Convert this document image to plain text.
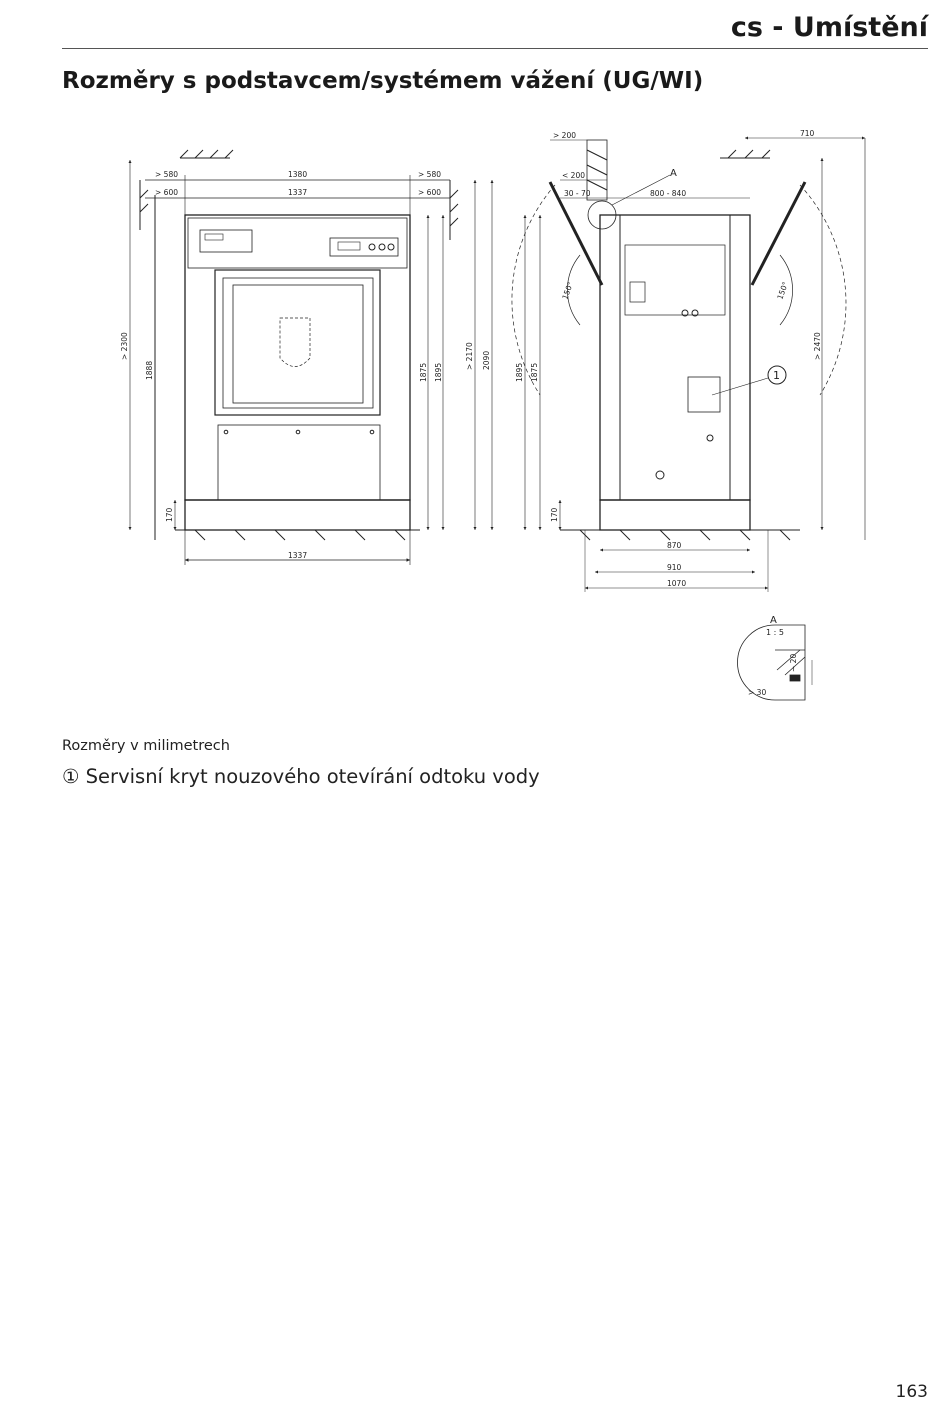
cs - Umístění
Rozměry s podstavcem/systémem vážení (UG/WI)
> 580	1380	> 580
> 600	1337	> 600
1337
> 2300
1888
170
1875 1895
> 200	710
< 200
30 - 70	800 - 840
A
1
150°	150°
> 2170 2090
1895 1875
170
> 2470
870
910
1070
A
1 : 5
~ 20
> 30
Rozměry v milimetrech
① Servisní kryt nouzového otevírání odtoku vody
163
